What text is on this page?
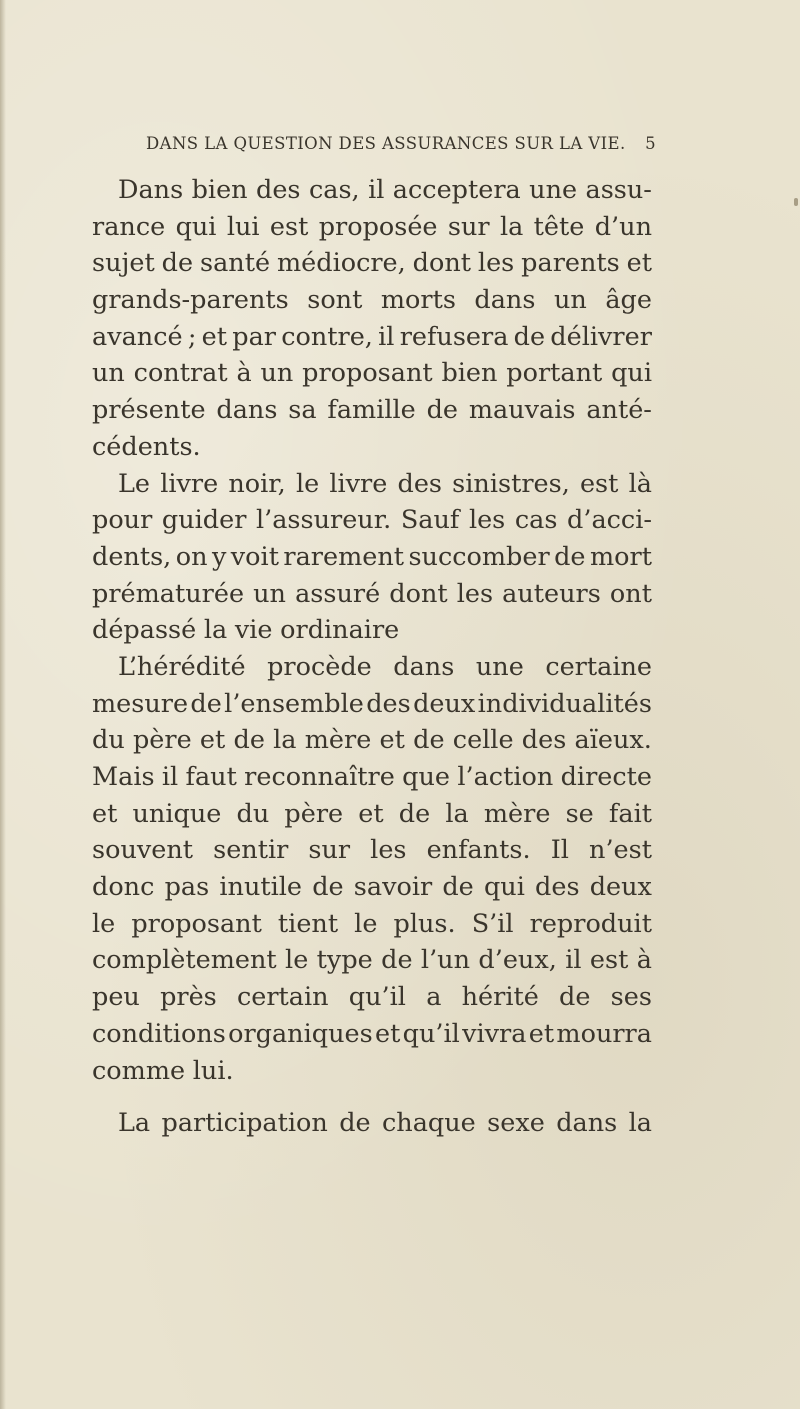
DANS LA QUESTION DES ASSURANCES SUR LA VIE. 5
Dans bien des cas, il acceptera une assu-
rance qui lui est proposée sur la tête d’un
sujet de santé médiocre, dont les parents et
grands-parents sont morts dans un âge
avancé ; et par contre, il refusera de délivrer
un contrat à un proposant bien portant qui
présente dans sa famille de mauvais anté-
cédents.
Le livre noir, le livre des sinistres, est là
pour guider l’assureur. Sauf les cas d’acci-
dents, on y voit rarement succomber de mort
prématurée un assuré dont les auteurs ont
dépassé la vie ordinaire
L’hérédité procède dans une certaine
mesure de l’ensemble des deux individualités
du père et de la mère et de celle des aïeux.
Mais il faut reconnaître que l’action directe
et unique du père et de la mère se fait
souvent sentir sur les enfants. Il n’est
donc pas inutile de savoir de qui des deux
le proposant tient le plus. S’il reproduit
complètement le type de l’un d’eux, il est à
peu près certain qu’il a hérité de ses
conditions organiques et qu’il vivra et mourra
comme lui.
La participation de chaque sexe dans la
